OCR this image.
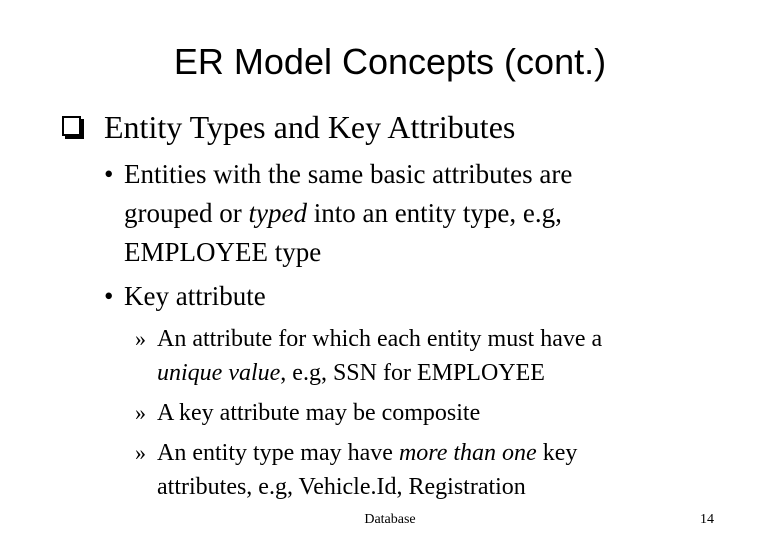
ER Model Concepts (cont.)
Entity Types and Key Attributes
• Entities with the same basic attributes are
grouped or typed into an entity type, e.g,
EMPLOYEE type
• Key attribute
» An attribute for which each entity must have a
unique value, e.g, SSN for EMPLOYEE
» A key attribute may be composite
» An entity type may have more than one key
attributes, e.g, Vehicle.Id, Registration
Database	14
